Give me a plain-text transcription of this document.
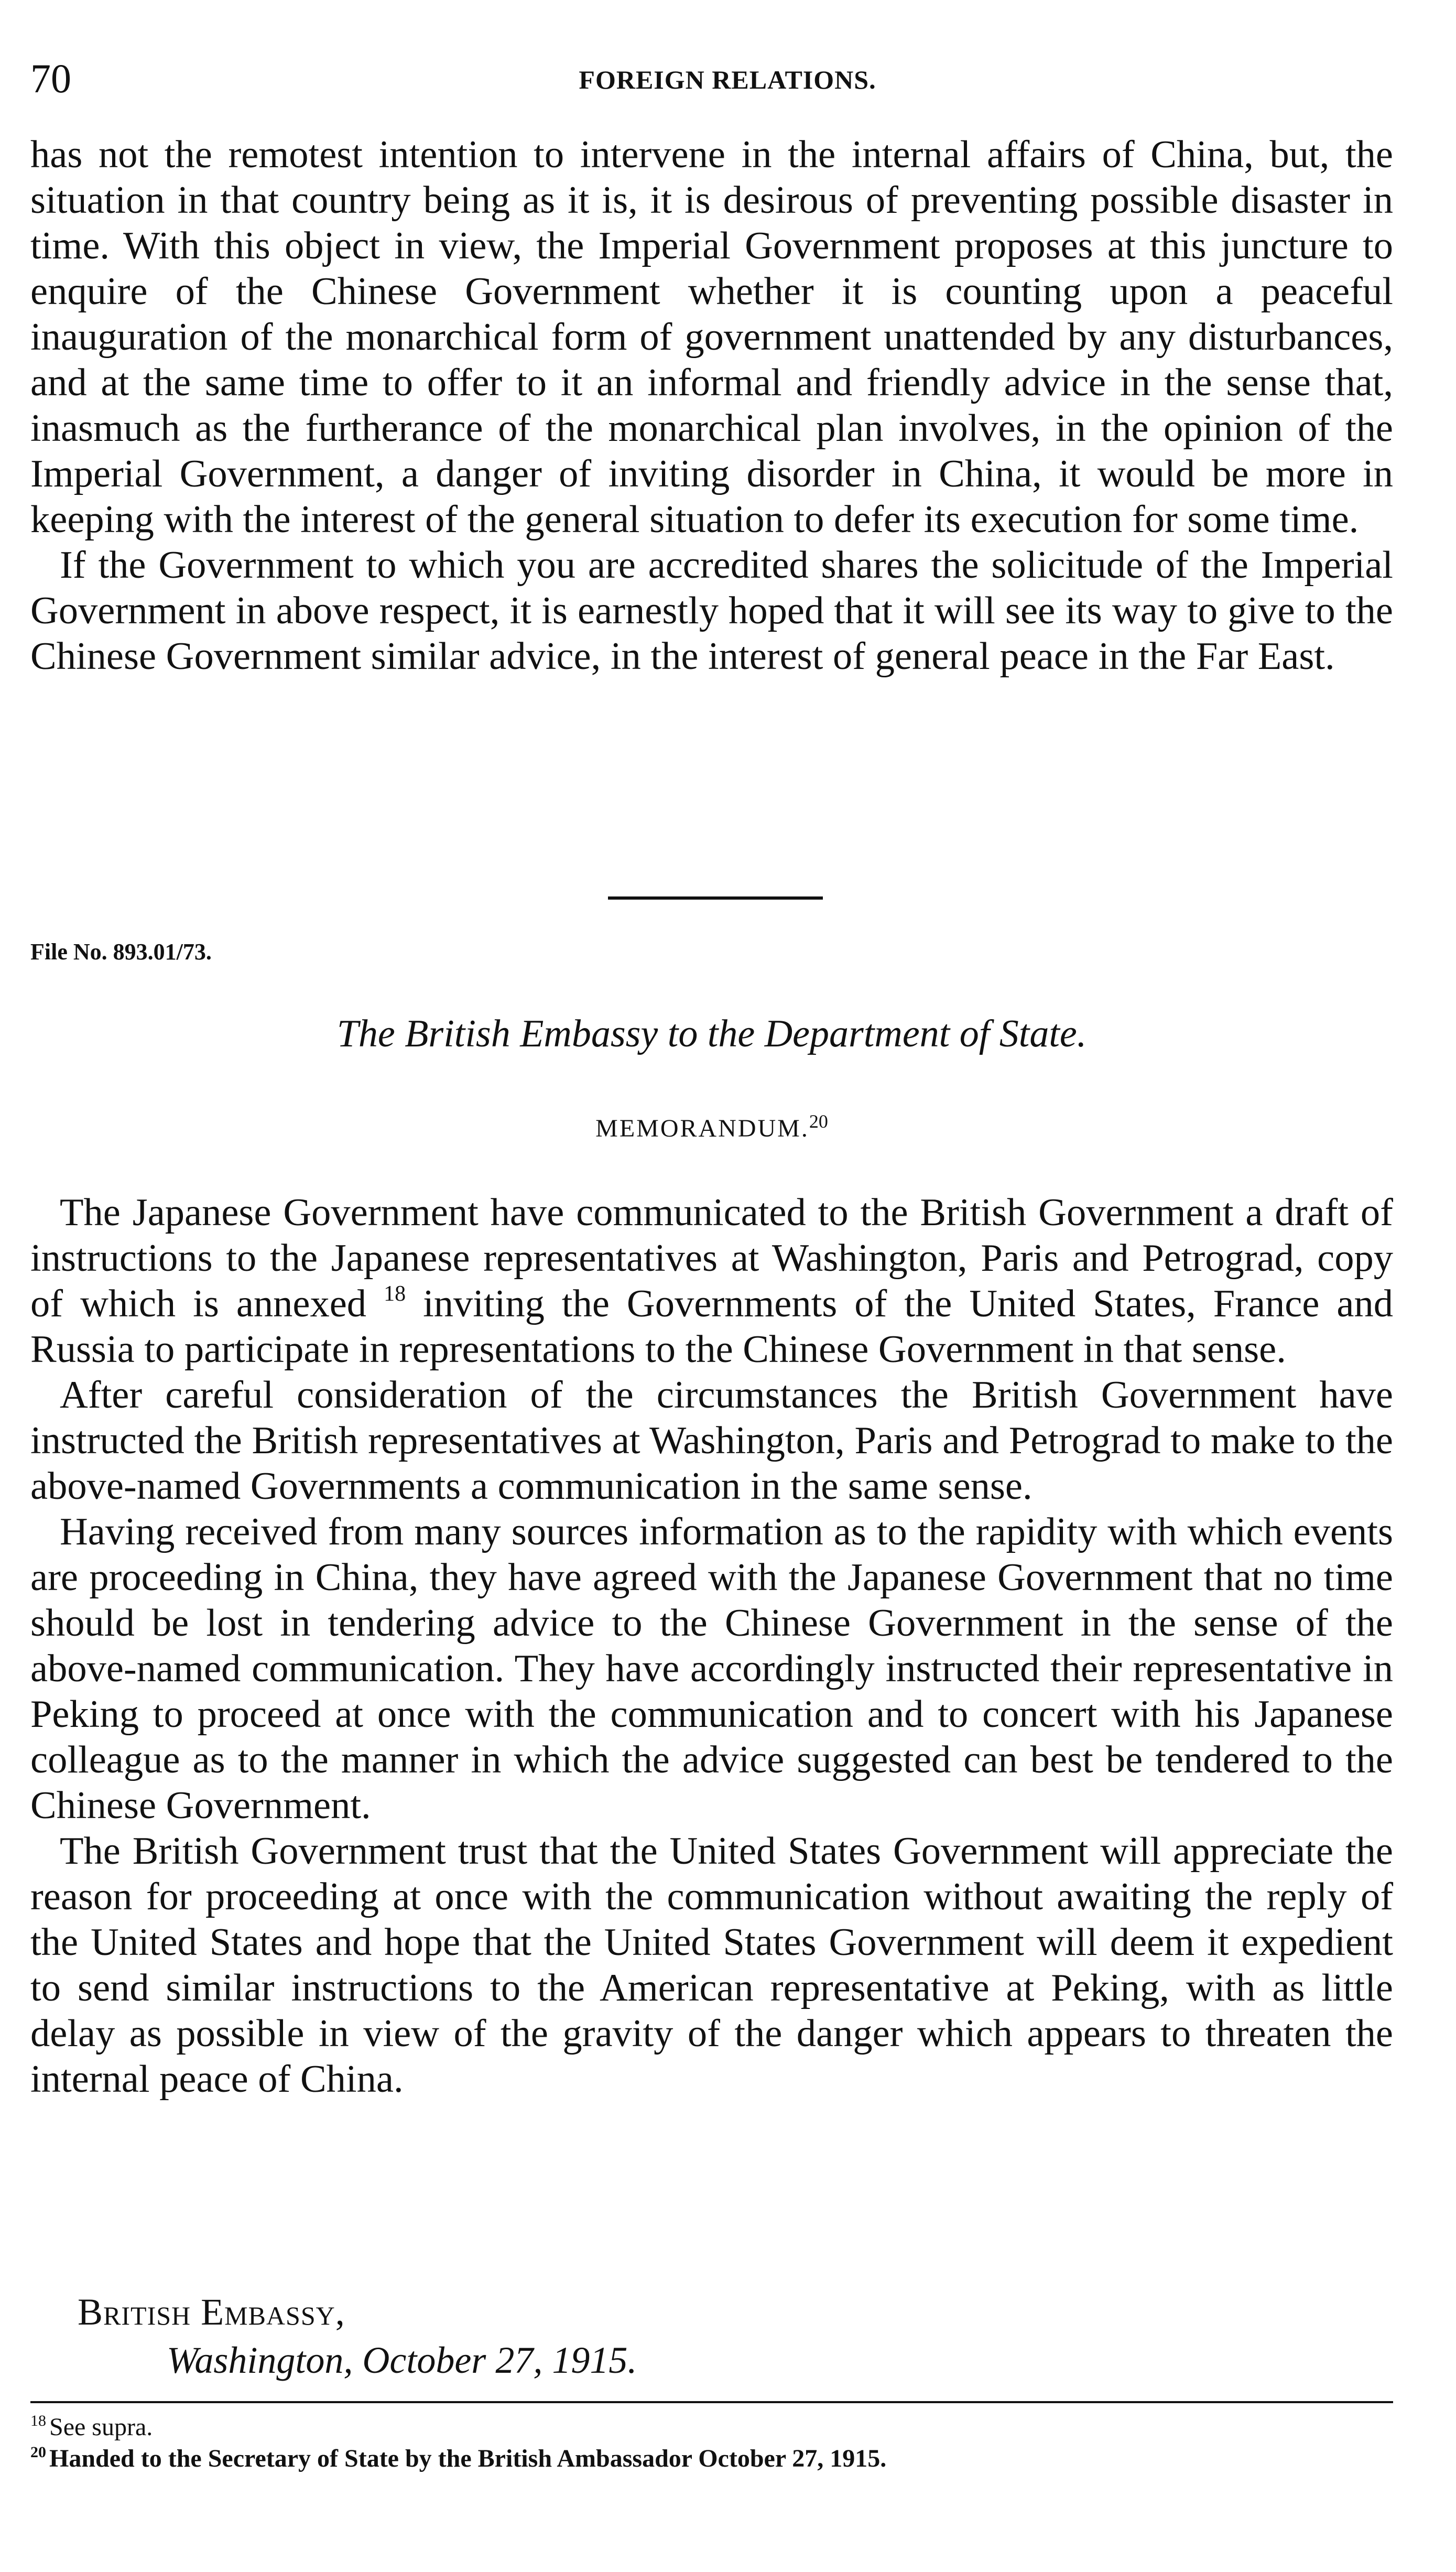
70	FOREIGN RELATIONS.

has not the remotest intention to intervene in the internal affairs of China, but, the situation in that country being as it is, it is desirous of preventing possible disaster in time. With this object in view, the Imperial Government proposes at this juncture to enquire of the Chinese Government whether it is counting upon a peaceful inauguration of the monarchical form of government unattended by any disturbances, and at the same time to offer to it an informal and friendly advice in the sense that, inasmuch as the furtherance of the monarchical plan involves, in the opinion of the Imperial Government, a danger of inviting disorder in China, it would be more in keeping with the interest of the general situation to defer its execution for some time.

If the Government to which you are accredited shares the solicitude of the Imperial Government in above respect, it is earnestly hoped that it will see its way to give to the Chinese Government similar advice, in the interest of general peace in the Far East.

File No. 893.01/73.
The British Embassy to the Department of State.
MEMORANDUM.$^{20}$

The Japanese Government have communicated to the British Government a draft of instructions to the Japanese representatives at Washington, Paris and Petrograd, copy of which is annexed $^{18}$ inviting the Governments of the United States, France and Russia to participate in representations to the Chinese Government in that sense.

After careful consideration of the circumstances the British Government have instructed the British representatives at Washington, Paris and Petrograd to make to the above-named Governments a communication in the same sense.

Having received from many sources information as to the rapidity with which events are proceeding in China, they have agreed with the Japanese Government that no time should be lost in tendering advice to the Chinese Government in the sense of the above-named communication. They have accordingly instructed their representative in Peking to proceed at once with the communication and to concert with his Japanese colleague as to the manner in which the advice suggested can best be tendered to the Chinese Government.

The British Government trust that the United States Government will appreciate the reason for proceeding at once with the communication without awaiting the reply of the United States and hope that the United States Government will deem it expedient to send similar instructions to the American representative at Peking, with as little delay as possible in view of the gravity of the danger which appears to threaten the internal peace of China.

British Embassy,
Washington, October 27, 1915.

$^{18}$ See supra.

$^{20}$ Handed to the Secretary of State by the British Ambassador October 27, 1915.
